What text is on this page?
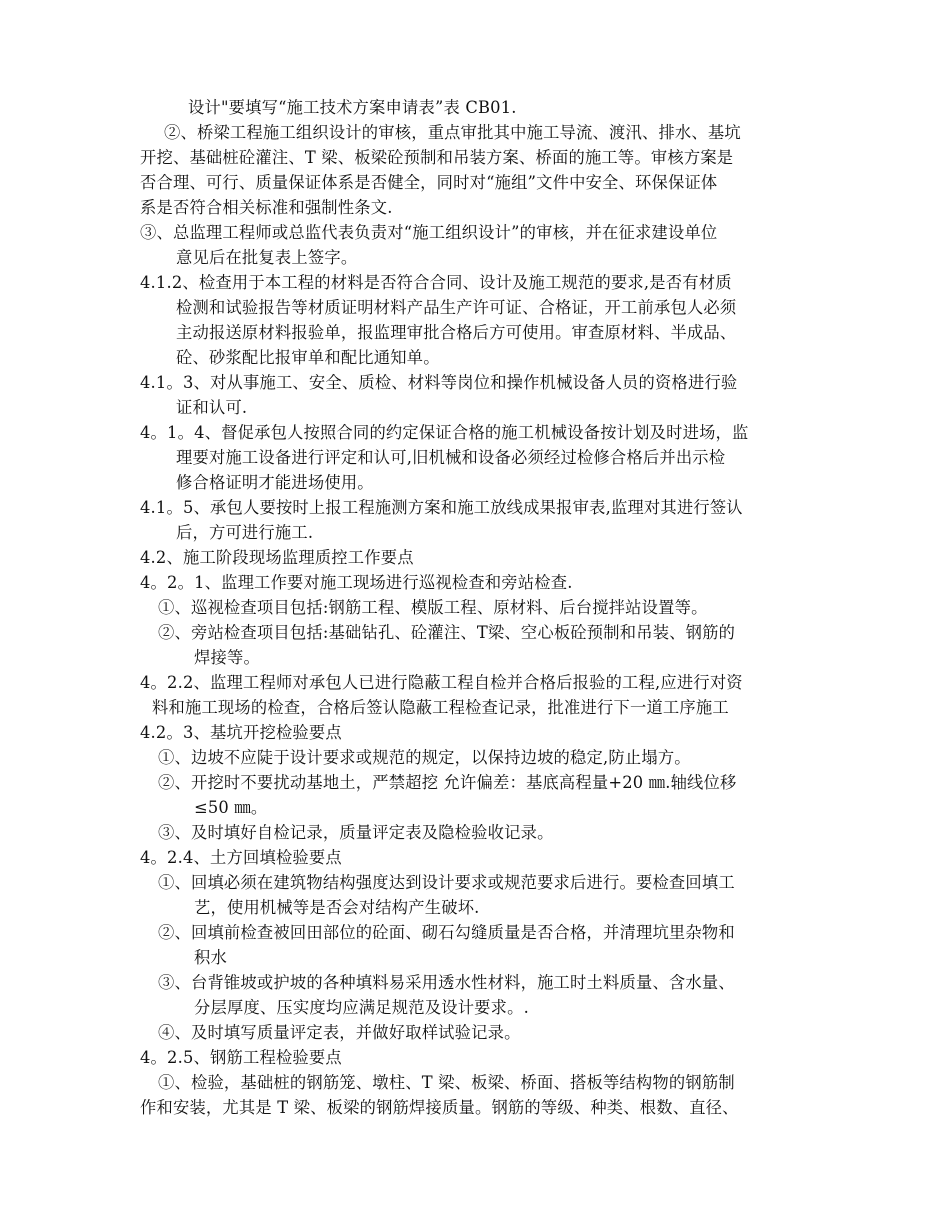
设计"要填写“施工技术方案申请表”表 CB01.
②、桥梁工程施工组织设计的审核，重点审批其中施工导流、渡汛、排水、基坑
开挖、基础桩砼灌注、T 梁、板梁砼预制和吊装方案、桥面的施工等。审核方案是
否合理、可行、质量保证体系是否健全，同时对“施组”文件中安全、环保保证体
系是否符合相关标准和强制性条文.
③、总监理工程师或总监代表负责对“施工组织设计”的审核，并在征求建设单位
意见后在批复表上签字。
4.1.2、检查用于本工程的材料是否符合合同、设计及施工规范的要求,是否有材质
检测和试验报告等材质证明材料产品生产许可证、合格证，开工前承包人必须
主动报送原材料报验单，报监理审批合格后方可使用。审查原材料、半成品、
砼、砂浆配比报审单和配比通知单。
4.1。3、对从事施工、安全、质检、材料等岗位和操作机械设备人员的资格进行验
证和认可.
4。1。4、督促承包人按照合同的约定保证合格的施工机械设备按计划及时进场，监
理要对施工设备进行评定和认可,旧机械和设备必须经过检修合格后并出示检
修合格证明才能进场使用。
4.1。5、承包人要按时上报工程施测方案和施工放线成果报审表,监理对其进行签认
后，方可进行施工.
4.2、施工阶段现场监理质控工作要点
4。2。1、监理工作要对施工现场进行巡视检查和旁站检查.
①、巡视检查项目包括:钢筋工程、模版工程、原材料、后台搅拌站设置等。
②、旁站检查项目包括:基础钻孔、砼灌注、T梁、空心板砼预制和吊装、钢筋的
焊接等。
4。2.2、监理工程师对承包人已进行隐蔽工程自检并合格后报验的工程,应进行对资
料和施工现场的检查，合格后签认隐蔽工程检查记录，批准进行下一道工序施工
4.2。3、基坑开挖检验要点
①、边坡不应陡于设计要求或规范的规定，以保持边坡的稳定,防止塌方。
②、开挖时不要扰动基地土，严禁超挖 允许偏差：基底高程量+20 ㎜.轴线位移
≤50 ㎜。
③、及时填好自检记录，质量评定表及隐检验收记录。
4。2.4、土方回填检验要点
①、回填必须在建筑物结构强度达到设计要求或规范要求后进行。要检查回填工
艺，使用机械等是否会对结构产生破坏.
②、回填前检查被回田部位的砼面、砌石勾缝质量是否合格，并清理坑里杂物和
积水
③、台背锥坡或护坡的各种填料易采用透水性材料，施工时土料质量、含水量、
分层厚度、压实度均应满足规范及设计要求。.
④、及时填写质量评定表，并做好取样试验记录。
4。2.5、钢筋工程检验要点
①、检验，基础桩的钢筋笼、墩柱、T 梁、板梁、桥面、搭板等结构物的钢筋制
作和安装，尤其是 T 梁、板梁的钢筋焊接质量。钢筋的等级、种类、根数、直径、
